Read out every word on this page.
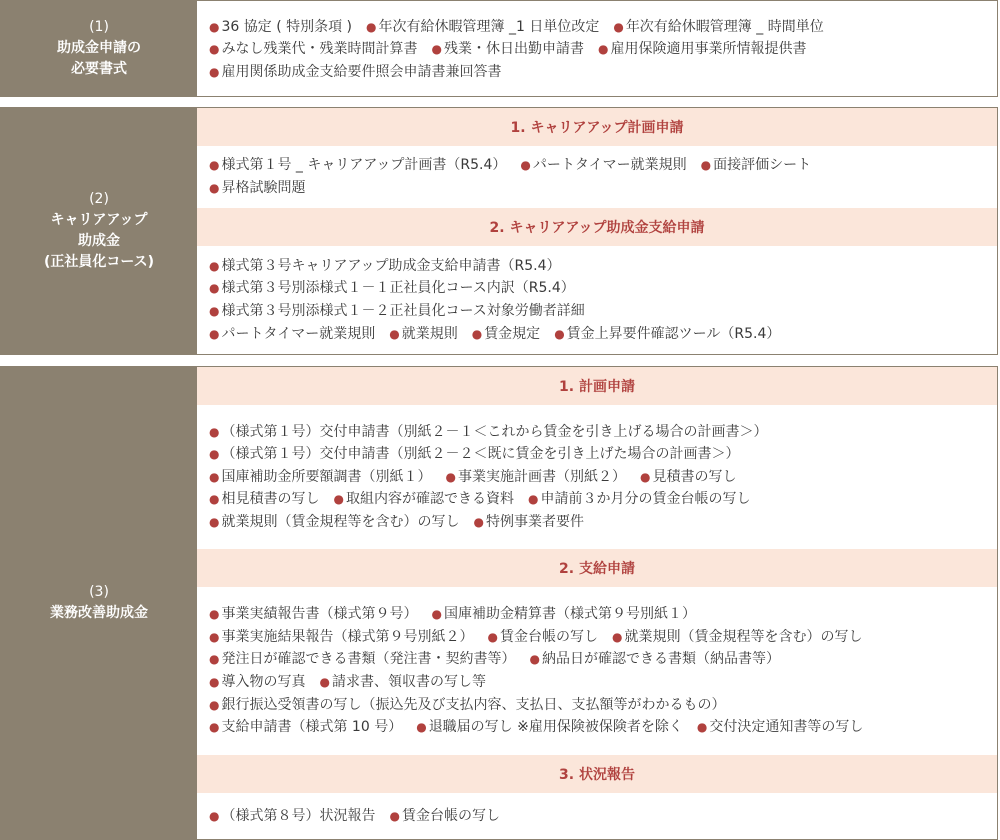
(1)
助成金申請の
必要書式
● 36 協定 ( 特別条項 ) ● 年次有給休暇管理簿 _1 日単位改定 ● 年次有給休暇管理簿 _ 時間単位
● みなし残業代・残業時間計算書 ● 残業・休日出勤申請書 ● 雇用保険適用事業所情報提供書
● 雇用関係助成金支給要件照会申請書兼回答書
(2)
キャリアアップ
助成金
(正社員化コース)
1. キャリアアップ計画申請
● 様式第１号 _ キャリアアップ計画書（R5.4） ● パートタイマー就業規則 ● 面接評価シート
● 昇格試験問題
2. キャリアアップ助成金支給申請
● 様式第３号キャリアアップ助成金支給申請書（R5.4）
● 様式第３号別添様式１－１正社員化コース内訳（R5.4）
● 様式第３号別添様式１－２正社員化コース対象労働者詳細
● パートタイマー就業規則 ● 就業規則 ● 賃金規定 ● 賃金上昇要件確認ツール（R5.4）
(3)
業務改善助成金
1. 計画申請
● （様式第１号）交付申請書（別紙２－１＜これから賃金を引き上げる場合の計画書＞）
● （様式第１号）交付申請書（別紙２－２＜既に賃金を引き上げた場合の計画書＞）
● 国庫補助金所要額調書（別紙１） ● 事業実施計画書（別紙２） ● 見積書の写し
● 相見積書の写し ● 取組内容が確認できる資料 ● 申請前３か月分の賃金台帳の写し
● 就業規則（賃金規程等を含む）の写し ● 特例事業者要件
2. 支給申請
● 事業実績報告書（様式第９号） ● 国庫補助金精算書（様式第９号別紙１）
● 事業実施結果報告（様式第９号別紙２） ● 賃金台帳の写し ● 就業規則（賃金規程等を含む）の写し
● 発注日が確認できる書類（発注書・契約書等） ● 納品日が確認できる書類（納品書等）
● 導入物の写真 ● 請求書、領収書の写し等
● 銀行振込受領書の写し（振込先及び支払内容、支払日、支払額等がわかるもの）
● 支給申請書（様式第 10 号） ● 退職届の写し ※雇用保険被保険者を除く ● 交付決定通知書等の写し
3. 状況報告
● （様式第８号）状況報告 ● 賃金台帳の写し
